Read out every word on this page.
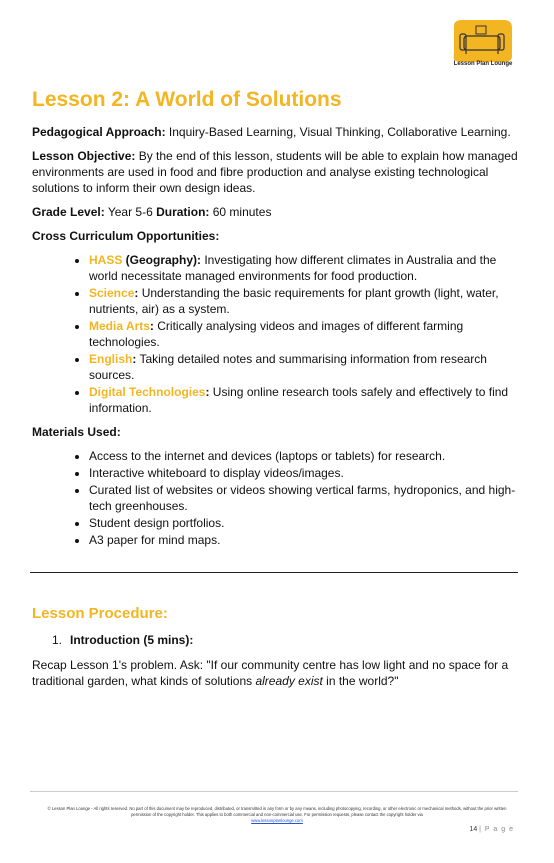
Lesson Plan Lounge
Lesson 2: A World of Solutions

Pedagogical Approach: Inquiry-Based Learning, Visual Thinking, Collaborative Learning.

Lesson Objective: By the end of this lesson, students will be able to explain how managed environments are used in food and fibre production and analyse existing technological solutions to inform their own design ideas.

Grade Level: Year 5-6 Duration: 60 minutes

Cross Curriculum Opportunities:

• HASS (Geography): Investigating how different climates in Australia and the world necessitate managed environments for food production.
• Science: Understanding the basic requirements for plant growth (light, water, nutrients, air) as a system.
• Media Arts: Critically analysing videos and images of different farming technologies.
• English: Taking detailed notes and summarising information from research sources.
• Digital Technologies: Using online research tools safely and effectively to find information.

Materials Used:

• Access to the internet and devices (laptops or tablets) for research.
• Interactive whiteboard to display videos/images.
• Curated list of websites or videos showing vertical farms, hydroponics, and high-tech greenhouses.
• Student design portfolios.
• A3 paper for mind maps.
Lesson Procedure:
1. Introduction (5 mins):
Recap Lesson 1's problem. Ask: "If our community centre has low light and no space for a traditional garden, what kinds of solutions already exist in the world?"
© Lesson Plan Lounge - All rights reserved. No part of this document may be reproduced, distributed, or transmitted in any form or by any means, including photocopying, recording, or other electronic or mechanical methods, without the prior written permission of the copyright holder. This applies to both commercial and non-commercial use. For permission requests, please contact the copyright holder via
www.lessonplanlounge.com
14 | P a g e
